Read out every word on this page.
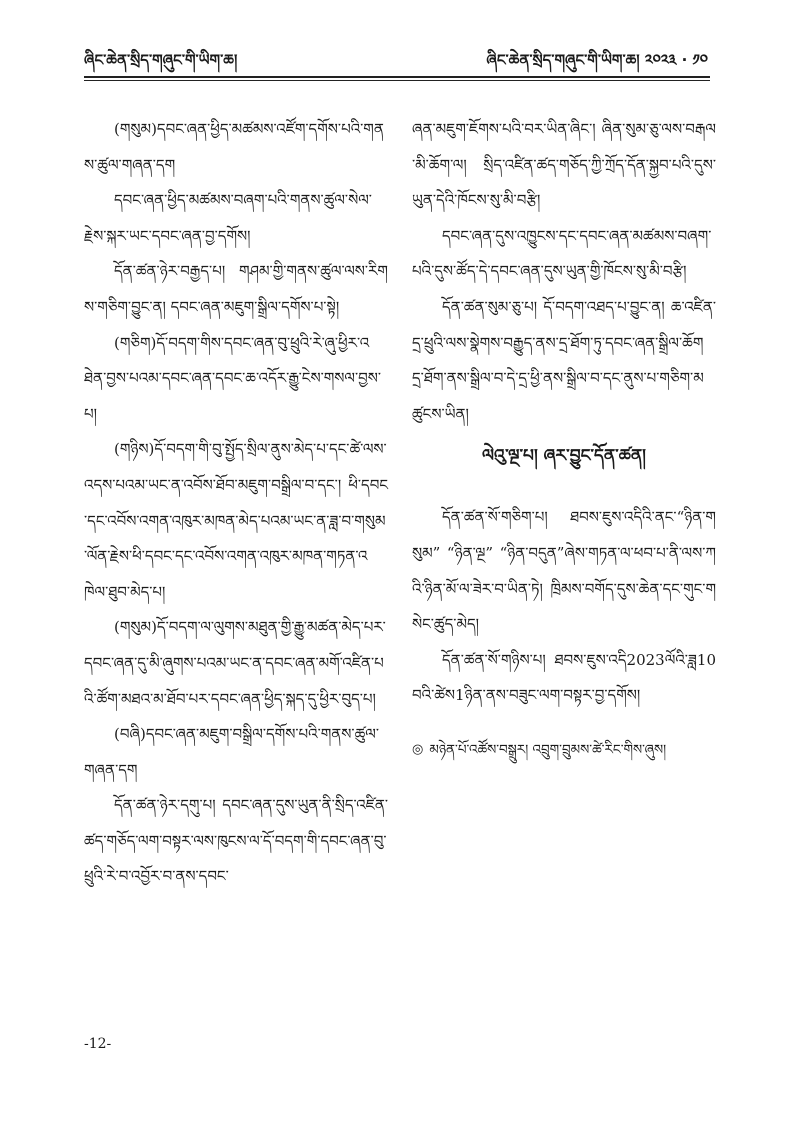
ཞིང་ཆེན་སྲིད་གཞུང་གི་ཡིག་ཆ།	ཞིང་ཆེན་སྲིད་གཞུང་གི་ཡིག་ཆ། ༢༠༢༣ · ༡༠

(གསུམ)དབང་ཞན་ཕྱིད་མཚམས་འཛོག་དགོས་པའི་གནས་ཚུལ་གཞན་དག

དབང་ཞན་ཕྱིད་མཚམས་བཞག་པའི་གནས་ཚུལ་སེལ་རྗེས་སྐར་ཡང་དབང་ཞན་བྱ་དགོས།

དོན་ཚན་ཉེར་བརྒྱད་པ། གཤམ་གྱི་གནས་ཚུལ་ལས་རིགས་གཅིག་བྱུང་ན། དབང་ཞན་མཇུག་སྒྲིལ་དགོས་པ་སྟེ།

(གཅིག)དོ་བདག་གིས་དབང་ཞན་བུ་ཕྲུའི་རེ་ཞུ་ཕྱིར་འཐེན་བྱས་པའམ་དབང་ཞན་དབང་ཆ་འདོར་རྒྱུ་ངེས་གསལ་བྱས་པ།

(གཉིས)དོ་བདག་གི་བུ་སྤྱོད་སྲིལ་ནུས་མེད་པ་དང་ཚེ་ལས་འདས་པའམ་ཡང་ན་འབོས་ཐོབ་མཇུག་བསྒྲིལ་བ་དང་། ཕི་དབང་དང་འབོས་འགན་འཁུར་མཁན་མེད་པའམ་ཡང་ན་ཟླ་བ་གསུམ་ལོན་རྗེས་ཕི་དབང་དང་འབོས་འགན་འཁུར་མཁན་གཏན་འཁེལ་ཐུབ་མེད་པ།

(གསུམ)དོ་བདག་ལ་ལུགས་མཐུན་གྱི་རྒྱུ་མཚན་མེད་པར་དབང་ཞན་དུ་མི་ཞུགས་པའམ་ཡང་ན་དབང་ཞན་མགོ་འཛིན་པའི་ཚོག་མཐའ་མ་ཐོབ་པར་དབང་ཞན་ཕྱིད་སྐད་དུ་ཕྱིར་བུད་པ།

(བཞི)དབང་ཞན་མཇུག་བསྒྲིལ་དགོས་པའི་གནས་ཚུལ་གཞན་དག

དོན་ཚན་ཉེར་དགུ་པ། དབང་ཞན་དུས་ཡུན་ནི་སྲིད་འཛིན་ཚད་གཅོད་ལག་བསྟར་ལས་ཁུངས་ལ་དོ་བདག་གི་དབང་ཞན་བུ་ཕྲུའི་རེ་བ་འབྱོར་བ་ནས་དབང་

ཞན་མཇུག་ཇོགས་པའི་བར་ཡིན་ཞིང་། ཞིན་སུམ་ཅུ་ལས་བརྒལ་མི་ཆོག་ལ། སྲིད་འཛིན་ཚད་གཅོད་ཀྱི་ཀྲོད་དོན་སྐྱབ་པའི་དུས་ཡུན་དེའི་ཁོངས་སུ་མི་བརྩི།

དབང་ཞན་དུས་འཁྱུངས་དང་དབང་ཞན་མཚམས་བཞག་པའི་དུས་ཚོད་དེ་དབང་ཞན་དུས་ཡུན་གྱི་ཁོངས་སུ་མི་བརྩི།

དོན་ཚན་སུམ་ཅུ་པ། དོ་བདག་འཐད་པ་བྱུང་ན། ཆ་འཛིན་དྲ་ཕྲུའི་ལས་སྣེགས་བརྒྱུད་ནས་དྲ་ཐོག་ཏུ་དབང་ཞན་སྒྲིལ་ཆོག དྲ་ཐོག་ནས་སྒྲིལ་བ་དེ་དྲ་ཕྱི་ནས་སྒྲིལ་བ་དང་ནུས་པ་གཅིག་མཚུངས་ཡིན།

ལེའུ་ལྔ་པ། ཞར་བྱུང་དོན་ཚན།

དོན་ཚན་སོ་གཅིག་པ། ཐབས་ཇུས་འདིའི་ནང་“ཉིན་གསུམ” “ཉིན་ལྔ” “ཉིན་བདུན”ཞེས་གཏན་ལ་ཕབ་པ་ནི་ལས་ཀའི་ཉིན་མོ་ལ་ཟེར་བ་ཡིན་ཏེ། ཁྲིམས་བགོད་དུས་ཆེན་དང་གུང་གསེང་ཚུད་མེད།

དོན་ཚན་སོ་གཉིས་པ། ཐབས་ཇུས་འདི2023ལོའི་ཟླ10བའི་ཚེས1ཉིན་ནས་བཟུང་ལག་བསྟར་བྱ་དགོས།

◎ མཉེན་པོ་འཚོས་བསྒྲུར། འབྲུག་བྲུམས་ཚེ་རིང་གིས་ཞུས།
-12-
